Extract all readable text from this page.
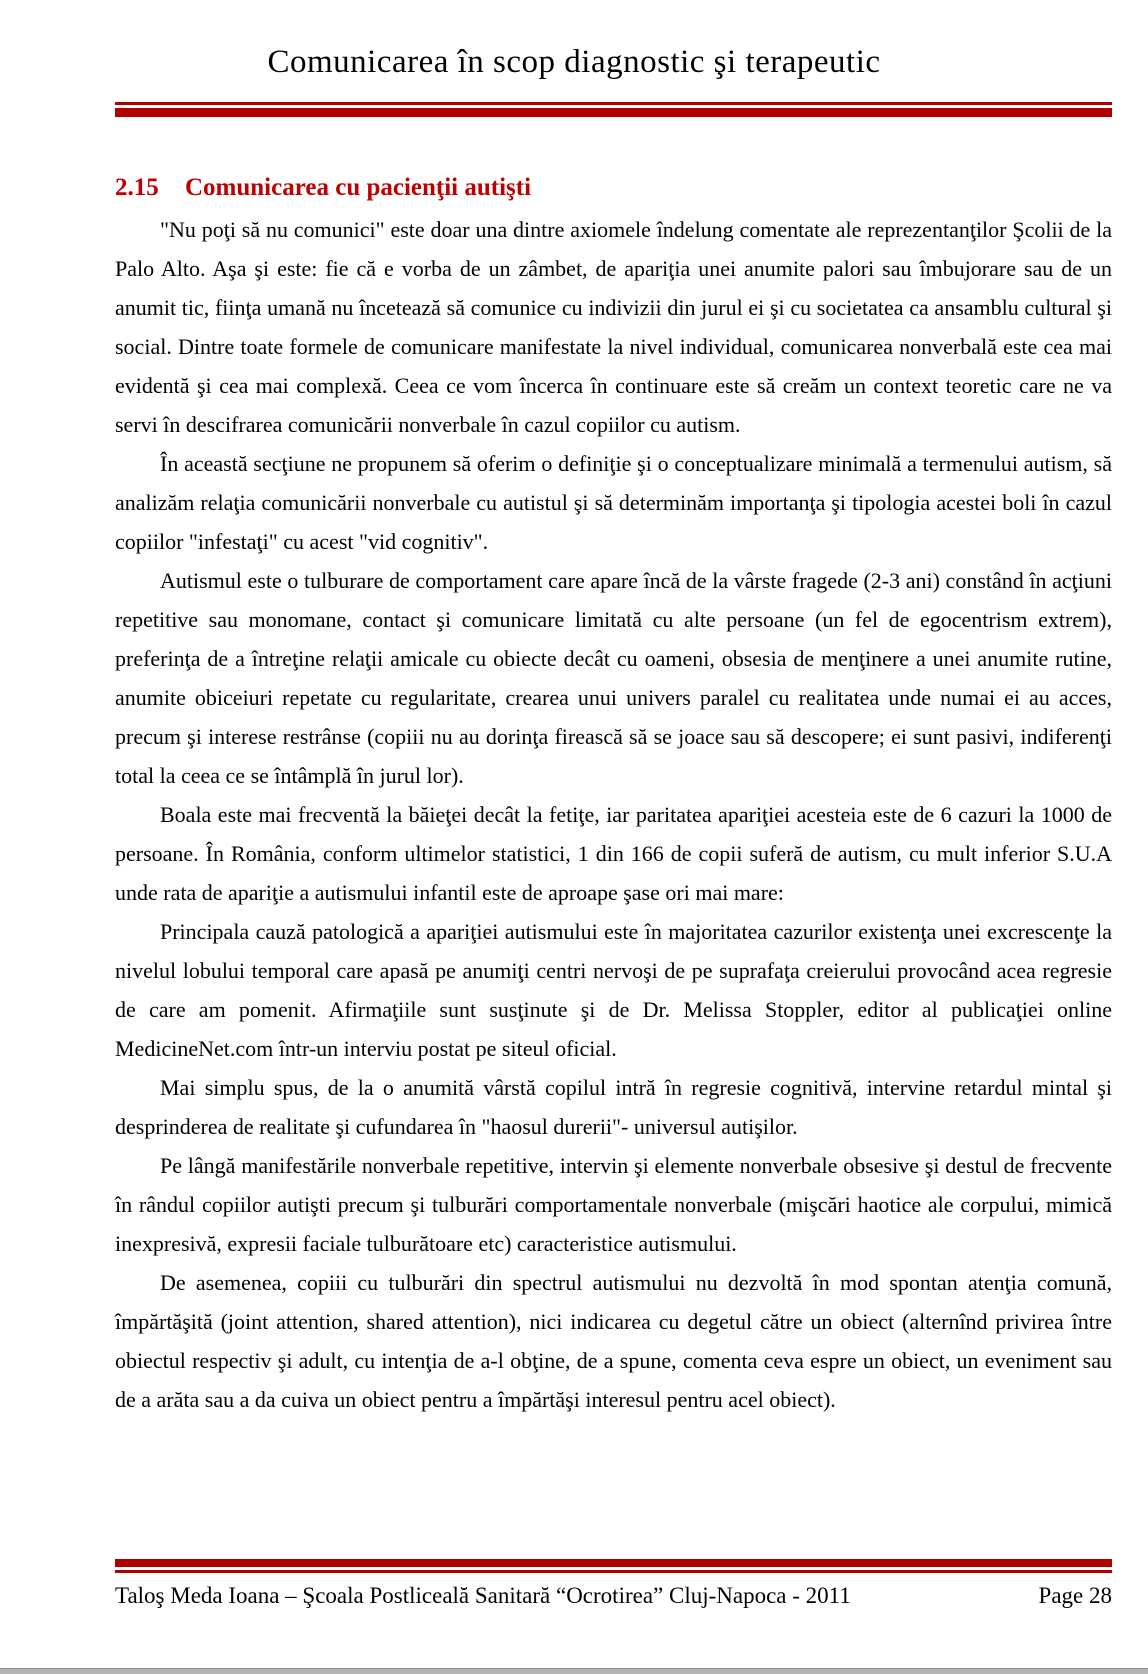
Comunicarea în scop diagnostic şi terapeutic
2.15 Comunicarea cu pacienţii autişti

"Nu poţi să nu comunici" este doar una dintre axiomele îndelung comentate ale reprezentanţilor Şcolii de la Palo Alto. Aşa şi este: fie că e vorba de un zâmbet, de apariţia unei anumite palori sau îmbujorare sau de un anumit tic, fiinţa umană nu încetează să comunice cu indivizii din jurul ei şi cu societatea ca ansamblu cultural şi social. Dintre toate formele de comunicare manifestate la nivel individual, comunicarea nonverbală este cea mai evidentă şi cea mai complexă. Ceea ce vom încerca în continuare este să creăm un context teoretic care ne va servi în descifrarea comunicării nonverbale în cazul copiilor cu autism.

În această secţiune ne propunem să oferim o definiţie şi o conceptualizare minimală a termenului autism, să analizăm relaţia comunicării nonverbale cu autistul şi să determinăm importanţa şi tipologia acestei boli în cazul copiilor "infestaţi" cu acest "vid cognitiv".

Autismul este o tulburare de comportament care apare încă de la vârste fragede (2-3 ani) constând în acţiuni repetitive sau monomane, contact şi comunicare limitată cu alte persoane (un fel de egocentrism extrem), preferinţa de a întreţine relaţii amicale cu obiecte decât cu oameni, obsesia de menţinere a unei anumite rutine, anumite obiceiuri repetate cu regularitate, crearea unui univers paralel cu realitatea unde numai ei au acces, precum şi interese restrânse (copiii nu au dorinţa firească să se joace sau să descopere; ei sunt pasivi, indiferenţi total la ceea ce se întâmplă în jurul lor).

Boala este mai frecventă la băieţei decât la fetiţe, iar paritatea apariţiei acesteia este de 6 cazuri la 1000 de persoane. În România, conform ultimelor statistici, 1 din 166 de copii suferă de autism, cu mult inferior S.U.A unde rata de apariţie a autismului infantil este de aproape şase ori mai mare:

Principala cauză patologică a apariţiei autismului este în majoritatea cazurilor existenţa unei excrescenţe la nivelul lobului temporal care apasă pe anumiţi centri nervoşi de pe suprafaţa creierului provocând acea regresie de care am pomenit. Afirmaţiile sunt susţinute şi de Dr. Melissa Stoppler, editor al publicaţiei online MedicineNet.com într-un interviu postat pe siteul oficial.

Mai simplu spus, de la o anumită vârstă copilul intră în regresie cognitivă, intervine retardul mintal şi desprinderea de realitate şi cufundarea în "haosul durerii"- universul autişilor.

Pe lângă manifestările nonverbale repetitive, intervin şi elemente nonverbale obsesive şi destul de frecvente în rândul copiilor autişti precum şi tulburări comportamentale nonverbale (mişcări haotice ale corpului, mimică inexpresivă, expresii faciale tulburătoare etc) caracteristice autismului.

De asemenea, copiii cu tulburări din spectrul autismului nu dezvoltă în mod spontan atenţia comună, împărtăşită (joint attention, shared attention), nici indicarea cu degetul către un obiect (alternînd privirea între obiectul respectiv şi adult, cu intenţia de a-l obţine, de a spune, comenta ceva espre un obiect, un eveniment sau de a arăta sau a da cuiva un obiect pentru a împărtăşi interesul pentru acel obiect).

Taloş Meda Ioana – Şcoala Postliceală Sanitară “Ocrotirea” Cluj-Napoca - 2011	Page 28
